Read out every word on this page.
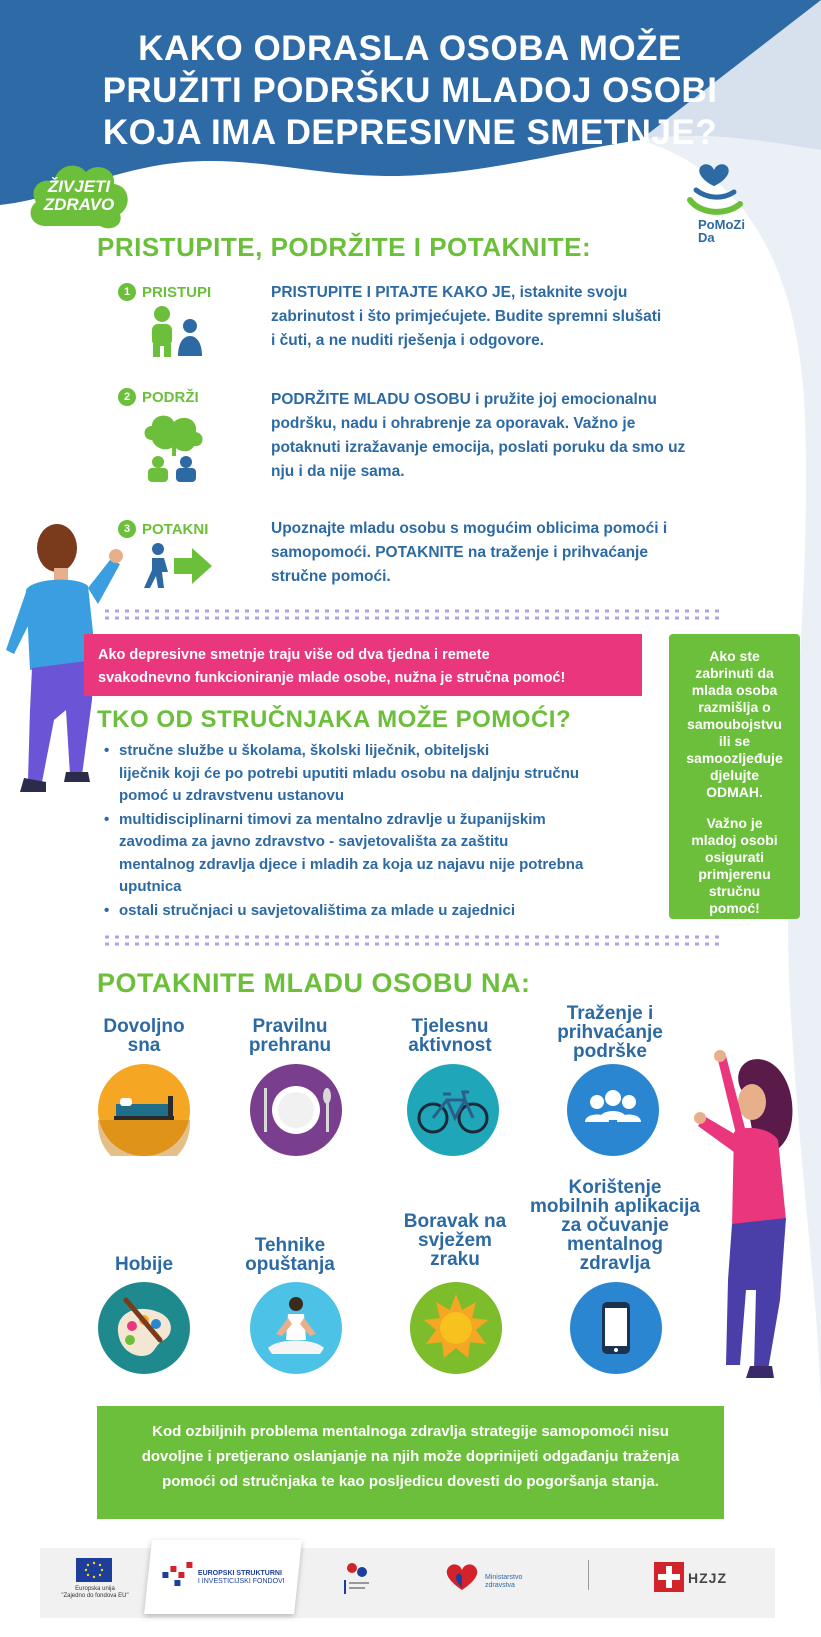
KAKO ODRASLA OSOBA MOŽE
PRUŽITI PODRŠKU MLADOJ OSOBI
KOJA IMA DEPRESIVNE SMETNJE?
ŽIVJETI
ZDRAVO
PoMoZi
Da
PRISTUPITE, PODRŽITE I POTAKNITE:
1 PRISTUPI	PRISTUPITE I PITAJTE KAKO JE, istaknite svoju
zabrinutost i što primjećujete. Budite spremni slušati
i čuti, a ne nuditi rješenja i odgovore.
2 PODRŽI	PODRŽITE MLADU OSOBU i pružite joj emocionalnu
podršku, nadu i ohrabrenje za oporavak. Važno je
potaknuti izražavanje emocija, poslati poruku da smo uz
nju i da nije sama.
3 POTAKNI	Upoznajte mladu osobu s mogućim oblicima pomoći i
samopomoći. POTAKNITE na traženje i prihvaćanje
stručne pomoći.
Ako depresivne smetnje traju više od dva tjedna i remete
svakodnevno funkcioniranje mlade osobe, nužna je stručna pomoć!

Ako ste
zabrinuti da
mlada osoba
razmišlja o
samoubojstvu
ili se
samoozljeđuje
djelujte
ODMAH.

Važno je
mladoj osobi
osigurati
primjerenu
stručnu
pomoć!

TKO OD STRUČNJAKA MOŽE POMOĆI?
• stručne službe u školama, školski liječnik, obiteljski
liječnik koji će po potrebi uputiti mladu osobu na daljnju stručnu
pomoć u zdravstvenu ustanovu
• multidisciplinarni timovi za mentalno zdravlje u županijskim
zavodima za javno zdravstvo - savjetovališta za zaštitu
mentalnog zdravlja djece i mladih za koja uz najavu nije potrebna
uputnica
• ostali stručnjaci u savjetovalištima za mlade u zajednici
POTAKNITE MLADU OSOBU NA:
Dovoljno
sna
Pravilnu
prehranu
Tjelesnu
aktivnost
Traženje i
prihvaćanje
podrške
Hobije
Tehnike
opuštanja
Boravak na
svježem
zraku
Korištenje
mobilnih aplikacija
za očuvanje
mentalnog
zdravlja
Kod ozbiljnih problema mentalnoga zdravlja strategije samopomoći nisu
dovoljne i pretjerano oslanjanje na njih može doprinijeti odgađanju traženja
pomoći od stručnjaka te kao posljedicu dovesti do pogoršanja stanja.
Europska unija
"Zajedno do fondova EU"
EUROPSKI STRUKTURNI
I INVESTICIJSKI FONDOVI
Ministarstvo
zdravstva	HZJZ
